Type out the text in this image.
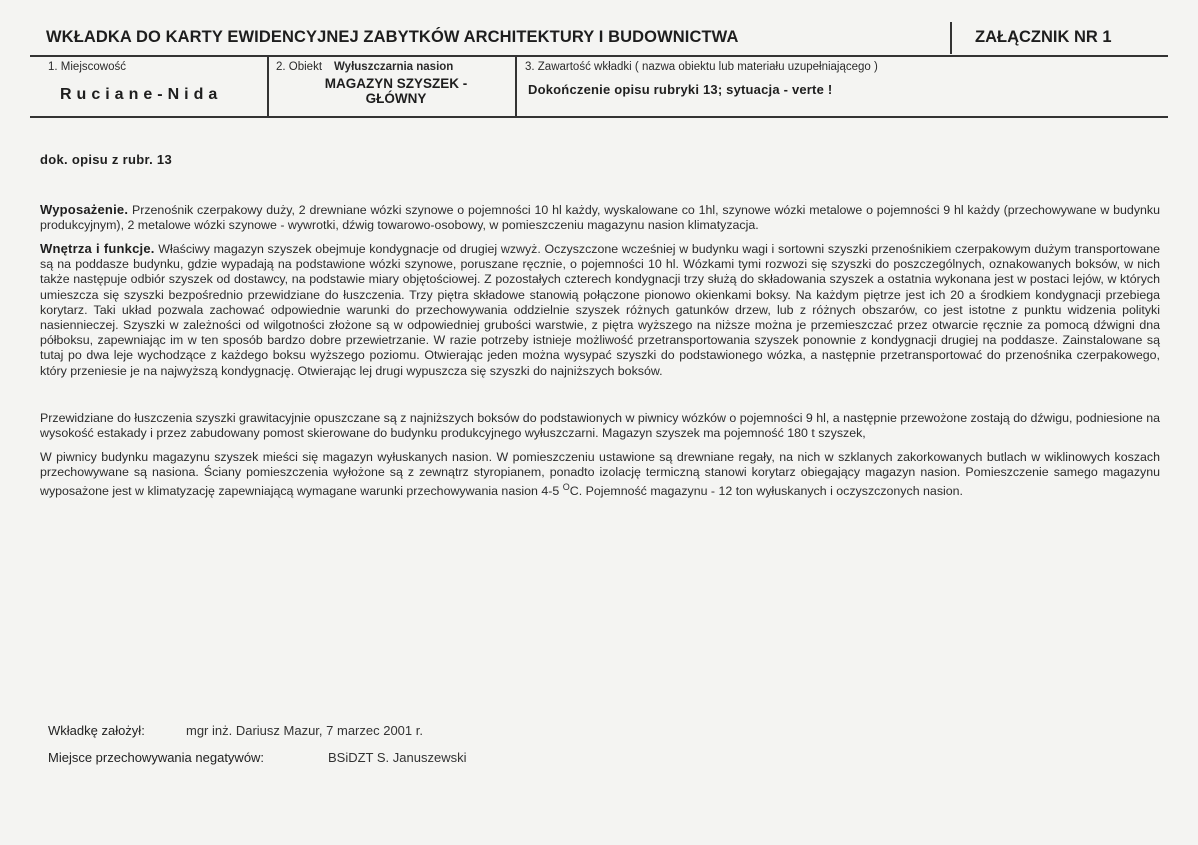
WKŁADKA DO KARTY EWIDENCYJNEJ ZABYTKÓW ARCHITEKTURY I BUDOWNICTWA	ZAŁĄCZNIK NR 1
1. Miejscowość
Ruciane-Nida
2. Obiekt Wyłuszczarnia nasion
MAGAZYN SZYSZEK -
GŁÓWNY
3. Zawartość wkładki ( nazwa obiektu lub materiału uzupełniającego )
Dokończenie opisu rubryki 13; sytuacja - verte !
dok. opisu z rubr. 13
Wyposażenie. Przenośnik czerpakowy duży, 2 drewniane wózki szynowe o pojemności 10 hl każdy, wyskalowane co 1hl, szynowe wózki metalowe o pojemności 9 hl każdy (przechowywane w budynku produkcyjnym), 2 metalowe wózki szynowe - wywrotki, dźwig towarowo-osobowy, w pomieszczeniu magazynu nasion klimatyzacja.
Wnętrza i funkcje. Właściwy magazyn szyszek obejmuje kondygnacje od drugiej wzwyż. Oczyszczone wcześniej w budynku wagi i sortowni szyszki przenośnikiem czerpakowym dużym transportowane są na poddasze budynku, gdzie wypadają na podstawione wózki szynowe, poruszane ręcznie, o pojemności 10 hl. Wózkami tymi rozwozi się szyszki do poszczególnych, oznakowanych boksów, w nich także następuje odbiór szyszek od dostawcy, na podstawie miary objętościowej. Z pozostałych czterech kondygnacji trzy służą do składowania szyszek a ostatnia wykonana jest w postaci lejów, w których umieszcza się szyszki bezpośrednio przewidziane do łuszczenia. Trzy piętra składowe stanowią połączone pionowo okienkami boksy. Na każdym piętrze jest ich 20 a środkiem kondygnacji przebiega korytarz. Taki układ pozwala zachować odpowiednie warunki do przechowywania oddzielnie szyszek różnych gatunków drzew, lub z różnych obszarów, co jest istotne z punktu widzenia polityki nasiennieczej. Szyszki w zależności od wilgotności złożone są w odpowiedniej grubości warstwie, z piętra wyższego na niższe można je przemieszczać przez otwarcie ręcznie za pomocą dźwigni dna półboksu, zapewniając im w ten sposób bardzo dobre przewietrzanie. W razie potrzeby istnieje możliwość przetransportowania szyszek ponownie z kondygnacji drugiej na poddasze. Zainstalowane są tutaj po dwa leje wychodzące z każdego boksu wyższego poziomu. Otwierając jeden można wysypać szyszki do podstawionego wózka, a następnie przetransportować do przenośnika czerpakowego, który przeniesie je na najwyższą kondygnację. Otwierając lej drugi wypuszcza się szyszki do najniższych boksów.
Przewidziane do łuszczenia szyszki grawitacyjnie opuszczane są z najniższych boksów do podstawionych w piwnicy wózków o pojemności 9 hl, a następnie przewożone zostają do dźwigu, podniesione na wysokość estakady i przez zabudowany pomost skierowane do budynku produkcyjnego wyłuszczarni. Magazyn szyszek ma pojemność 180 t szyszek,
W piwnicy budynku magazynu szyszek mieści się magazyn wyłuskanych nasion. W pomieszczeniu ustawione są drewniane regały, na nich w szklanych zakorkowanych butlach w wiklinowych koszach przechowywane są nasiona. Ściany pomieszczenia wyłożone są z zewnątrz styropianem, ponadto izolację termiczną stanowi korytarz obiegający magazyn nasion. Pomieszczenie samego magazynu wyposażone jest w klimatyzację zapewniającą wymagane warunki przechowywania nasion 4-5 $^O$C. Pojemność magazynu - 12 ton wyłuskanych i oczyszczonych nasion.
Wkładkę założył:	mgr inż. Dariusz Mazur, 7 marzec 2001 r.
Miejsce przechowywania negatywów:	BSiDZT S. Januszewski
